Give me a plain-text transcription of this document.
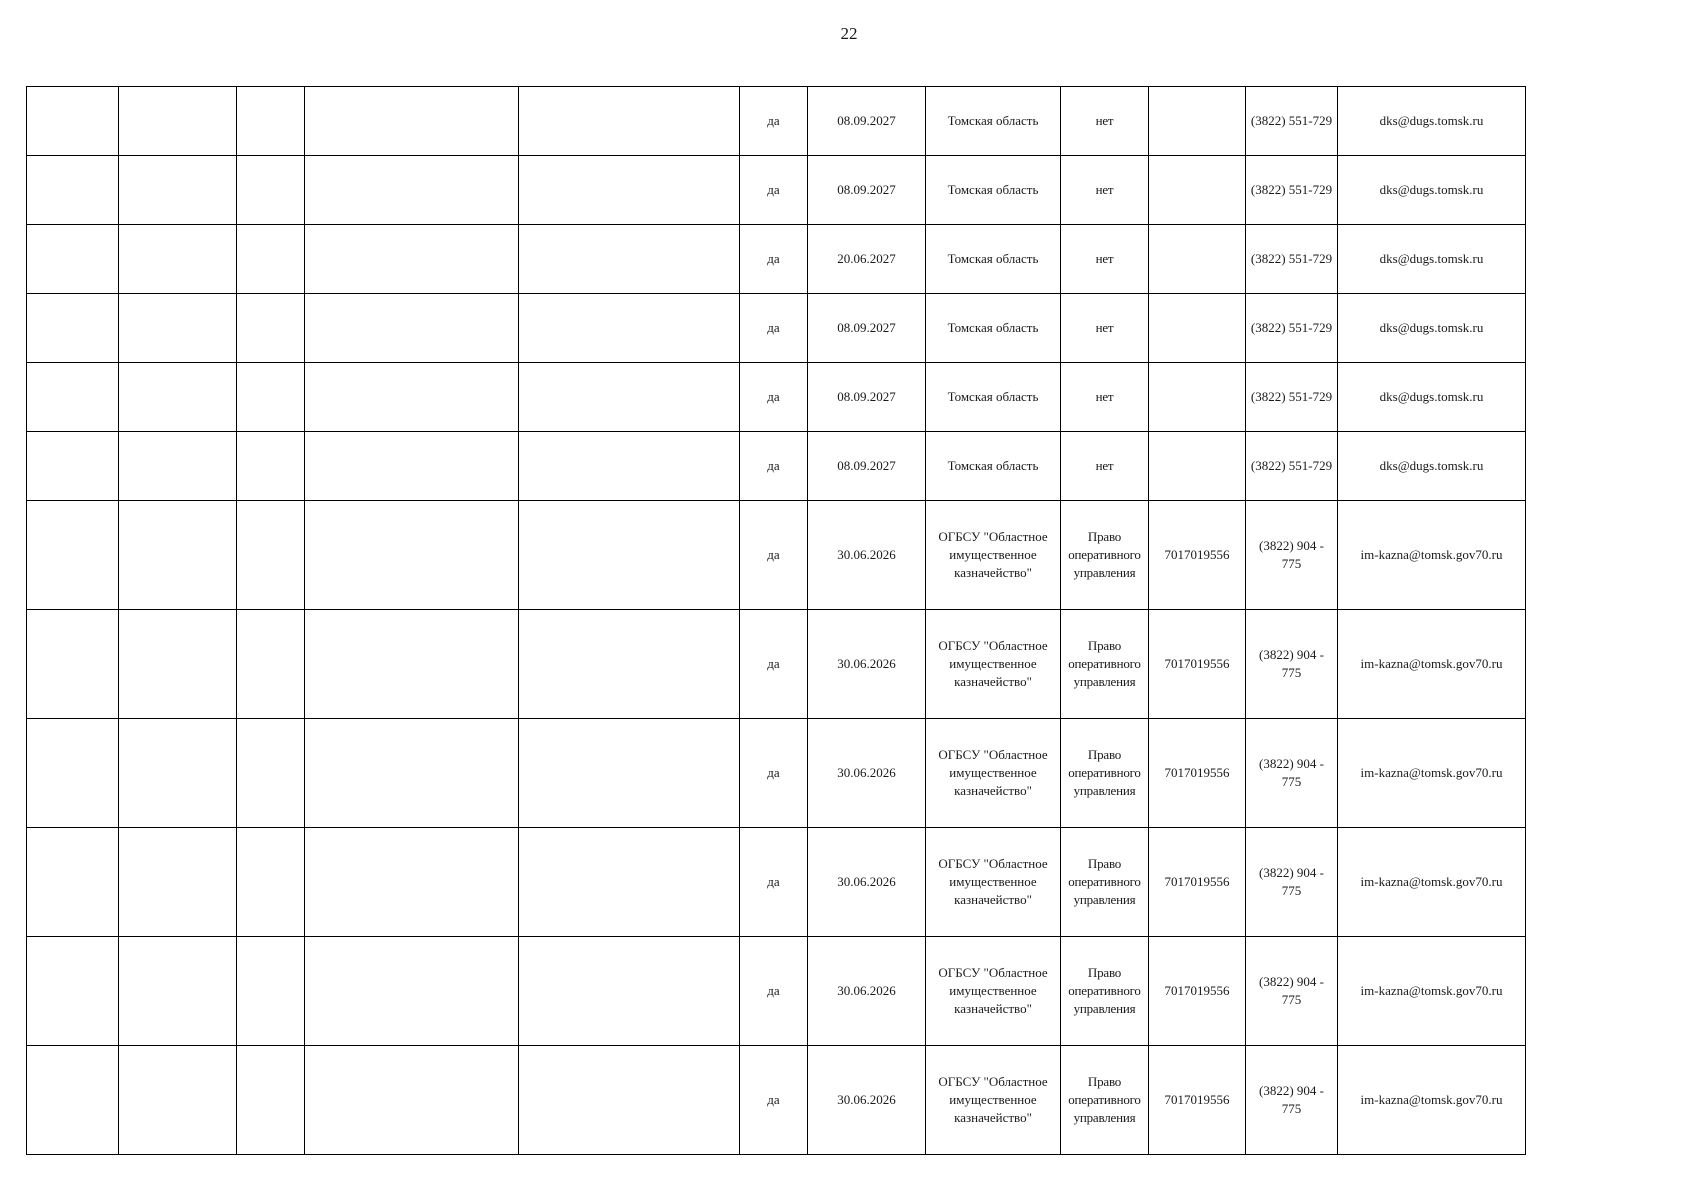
22
					да	08.09.2027	Томская область	нет		(3822) 551-729	dks@dugs.tomsk.ru
					да	08.09.2027	Томская область	нет		(3822) 551-729	dks@dugs.tomsk.ru
					да	20.06.2027	Томская область	нет		(3822) 551-729	dks@dugs.tomsk.ru
					да	08.09.2027	Томская область	нет		(3822) 551-729	dks@dugs.tomsk.ru
					да	08.09.2027	Томская область	нет		(3822) 551-729	dks@dugs.tomsk.ru
					да	08.09.2027	Томская область	нет		(3822) 551-729	dks@dugs.tomsk.ru
					да	30.06.2026	ОГБСУ "Областное имущественное казначейство"	Право оперативного управления	7017019556	(3822) 904 - 775	im-kazna@tomsk.gov70.ru
					да	30.06.2026	ОГБСУ "Областное имущественное казначейство"	Право оперативного управления	7017019556	(3822) 904 - 775	im-kazna@tomsk.gov70.ru
					да	30.06.2026	ОГБСУ "Областное имущественное казначейство"	Право оперативного управления	7017019556	(3822) 904 - 775	im-kazna@tomsk.gov70.ru
					да	30.06.2026	ОГБСУ "Областное имущественное казначейство"	Право оперативного управления	7017019556	(3822) 904 - 775	im-kazna@tomsk.gov70.ru
					да	30.06.2026	ОГБСУ "Областное имущественное казначейство"	Право оперативного управления	7017019556	(3822) 904 - 775	im-kazna@tomsk.gov70.ru
					да	30.06.2026	ОГБСУ "Областное имущественное казначейство"	Право оперативного управления	7017019556	(3822) 904 - 775	im-kazna@tomsk.gov70.ru
